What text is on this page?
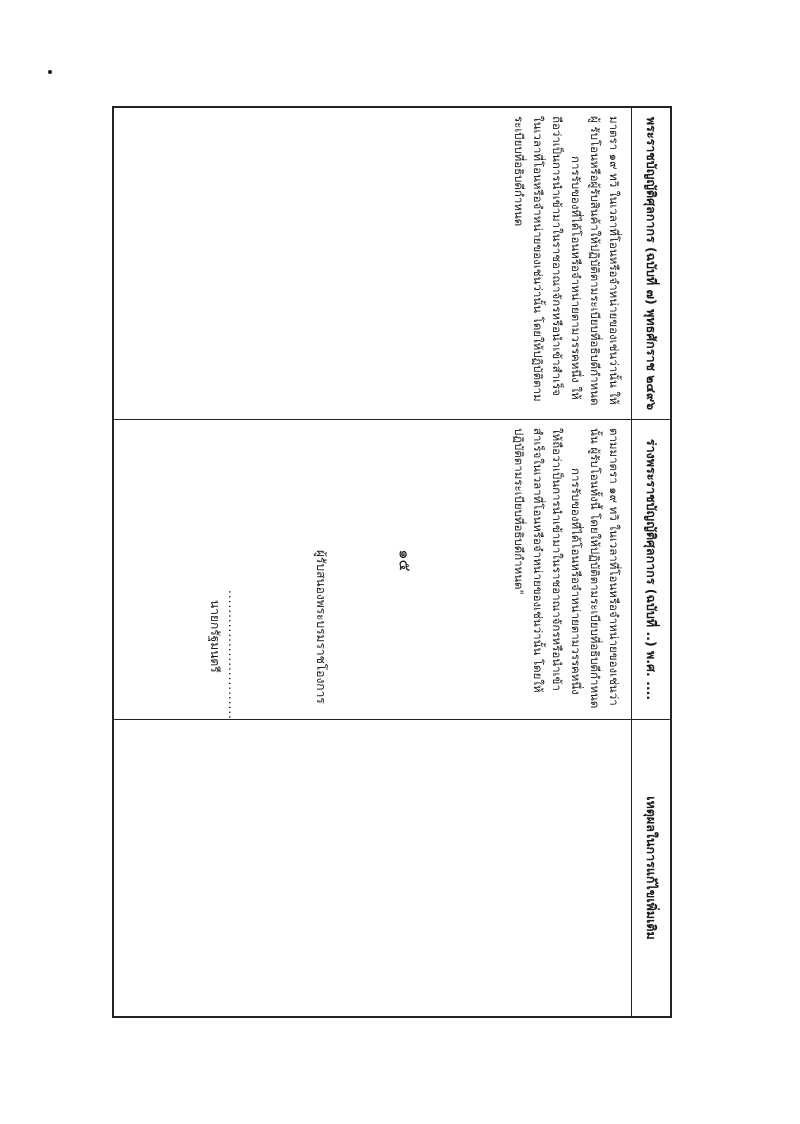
๑๕
พระราชบัญญัติศุลกากร (ฉบับที่ ๗) พุทธศักราช ๒๔๙๖

มาตรา ๑๙ ทวิ ในเวลาที่โอนหรือจำหน่ายของเช่นว่านั้น ให้ผู้ รับโอนหรือผู้รับสินค้าให้ปฏิบัติตามระเบียบที่อธิบดีกำหนด

การรับของที่ได้โอนหรือจำหน่ายตามวรรคหนึ่ง ให้ถือว่าเป็นการนำเข้ามาในราชอาณาจักรหรือนำเข้าสำเร็จ ในเวลาที่โอนหรือจำหน่ายของเช่นว่านั้น โดยให้ปฏิบัติตามระเบียบที่อธิบดีกำหนด

ร่างพระราชบัญญัติศุลกากร (ฉบับที่ ..) พ.ศ. ....

ตามมาตรา ๑๙ ทวิ ในเวลาที่โอนหรือจำหน่ายของเช่นว่านั้น ผู้รับโอนทั้งนี้ โดยให้ปฏิบัติตามระเบียบที่อธิบดีกำหนด

การรับของที่ได้โอนหรือจำหน่ายตามวรรคหนึ่ง ให้ถือว่าเป็นการนำเข้ามาในราชอาณาจักรหรือนำเข้าสำเร็จในเวลาที่โอนหรือจำหน่ายของเช่นว่านั้น โดยให้ปฏิบัติตามระเบียบที่อธิบดีกำหนด"

ผู้รับสนองพระบรมราชโองการ
...........................
นายกรัฐมนตรี
เหตุผลในการแก้ไขเพิ่มเติม
